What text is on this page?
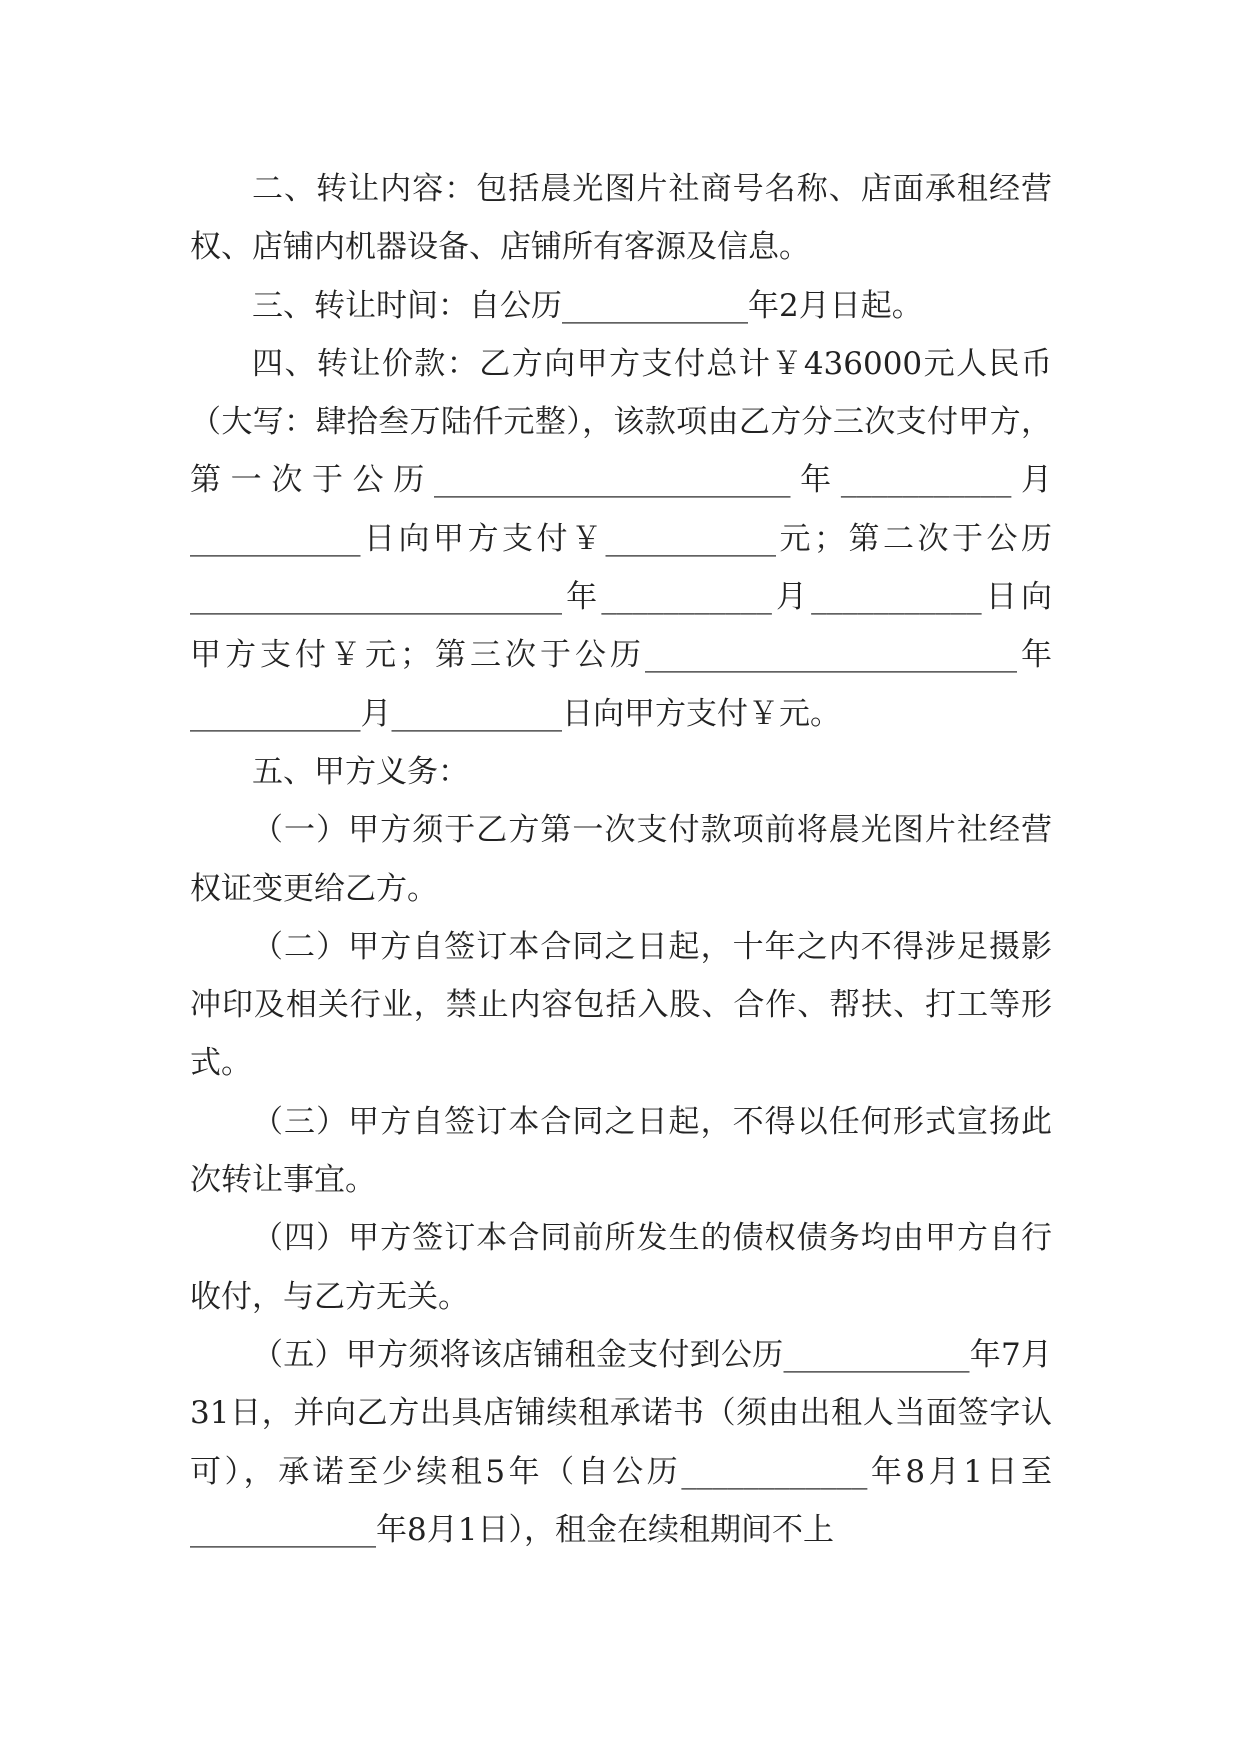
二、转让内容：包括晨光图片社商号名称、店面承租经营权、店铺内机器设备、店铺所有客源及信息。

三、转让时间：自公历____________年2月日起。

四、转让价款：乙方向甲方支付总计￥436000元人民币（大写：肆拾叁万陆仟元整），该款项由乙方分三次支付甲方，第一次于公历_______________________年___________月___________日向甲方支付￥___________元；第二次于公历________________________年___________月___________日向甲方支付￥元；第三次于公历________________________年___________月___________日向甲方支付￥元。

五、甲方义务：

（一）甲方须于乙方第一次支付款项前将晨光图片社经营权证变更给乙方。

（二）甲方自签订本合同之日起，十年之内不得涉足摄影冲印及相关行业，禁止内容包括入股、合作、帮扶、打工等形式。

（三）甲方自签订本合同之日起，不得以任何形式宣扬此次转让事宜。

（四）甲方签订本合同前所发生的债权债务均由甲方自行收付，与乙方无关。

（五）甲方须将该店铺租金支付到公历____________年7月31日，并向乙方出具店铺续租承诺书（须由出租人当面签字认可），承诺至少续租5年（自公历____________年8月1日至____________年8月1日），租金在续租期间不上
